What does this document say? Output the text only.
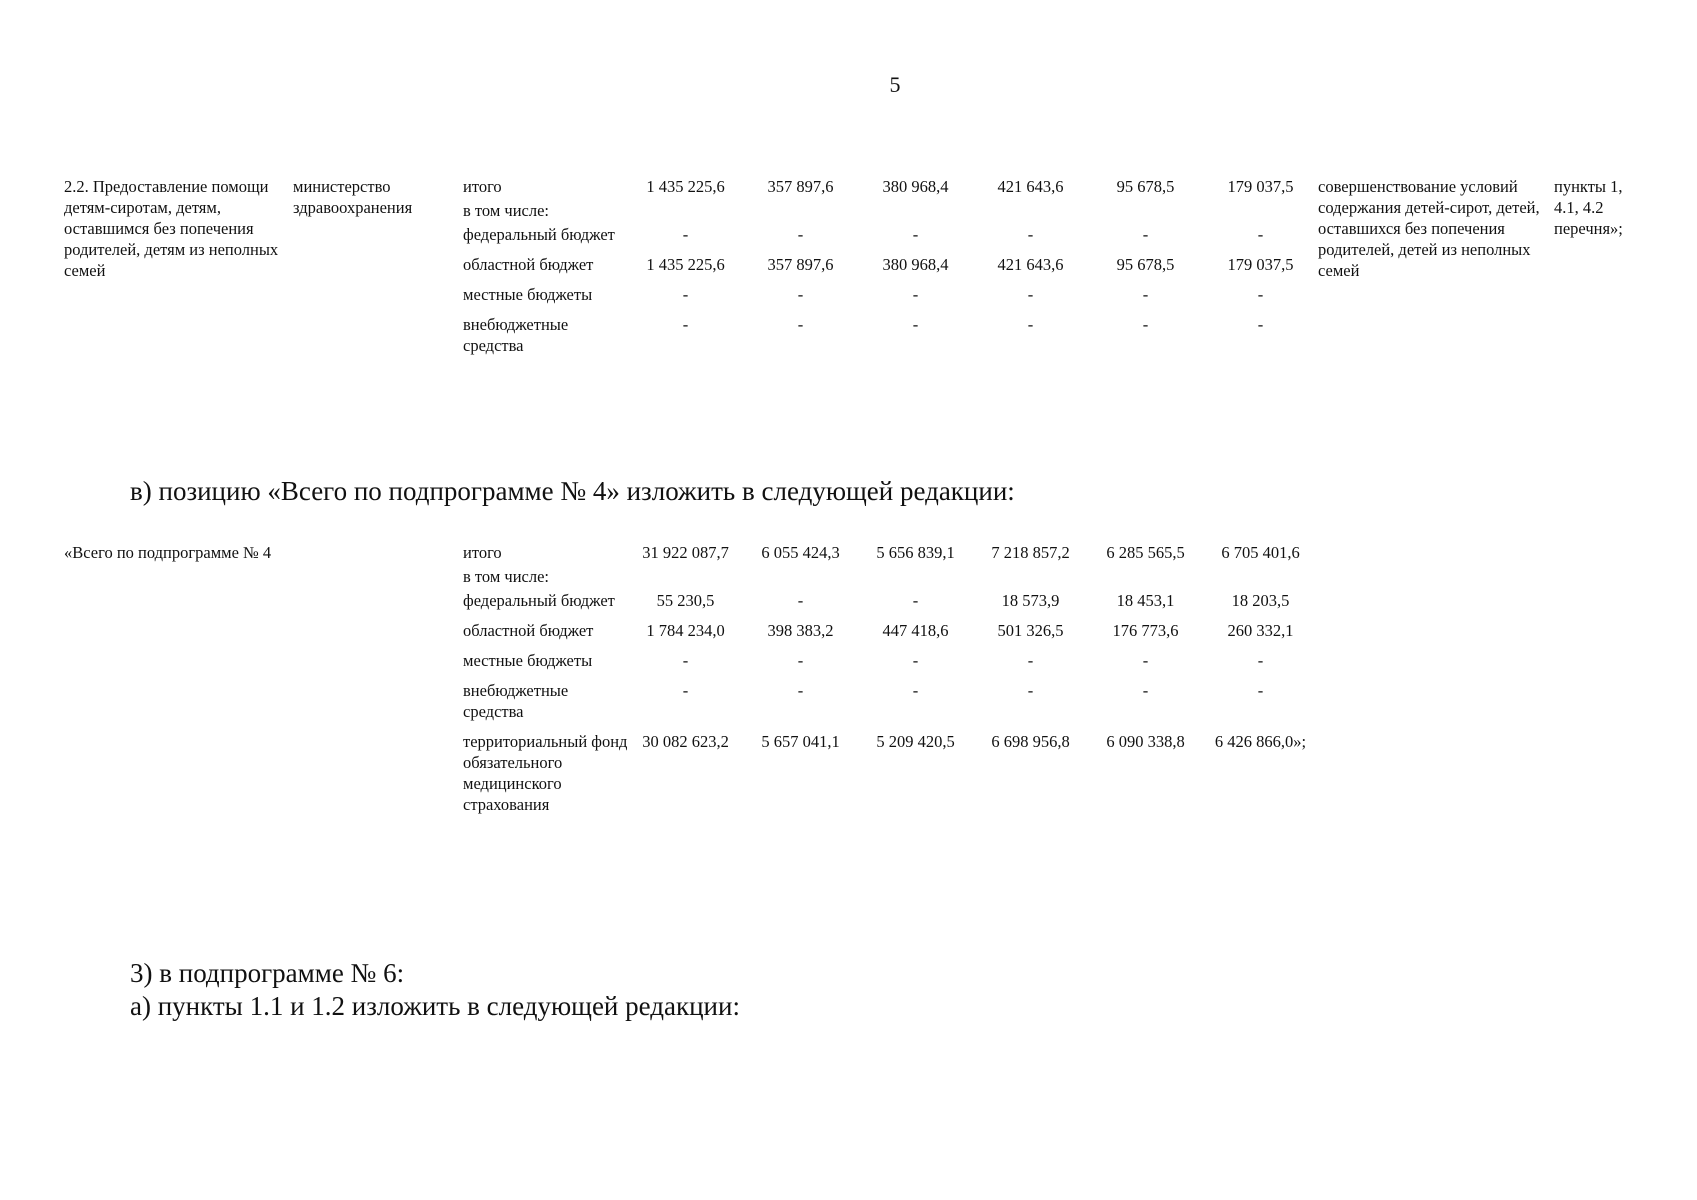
5
2.2. Предоставление помощи детям-сиротам, детям, оставшимся без попечения родителей, детям из неполных семей	министерство здравоохранения	итого	1 435 225,6	357 897,6	380 968,4	421 643,6	95 678,5	179 037,5	совершенствование условий содержания детей-сирот, детей, оставшихся без попечения родителей, детей из неполных семей	пункты 1, 4.1, 4.2 перечня»;
		в том числе:								
		федеральный бюджет	-	-	-	-	-	-		
		областной бюджет	1 435 225,6	357 897,6	380 968,4	421 643,6	95 678,5	179 037,5		
		местные бюджеты	-	-	-	-	-	-		
		внебюджетные средства	-	-	-	-	-	-		
в) позицию «Всего по подпрограмме № 4» изложить в следующей редакции:
«Всего по подпрограмме № 4	итого	31 922 087,7	6 055 424,3	5 656 839,1	7 218 857,2	6 285 565,5	6 705 401,6
	в том числе:						
	федеральный бюджет	55 230,5	-	-	18 573,9	18 453,1	18 203,5
	областной бюджет	1 784 234,0	398 383,2	447 418,6	501 326,5	176 773,6	260 332,1
	местные бюджеты	-	-	-	-	-	-
	внебюджетные средства	-	-	-	-	-	-
	территориальный фонд обязательного медицинского страхования	30 082 623,2	5 657 041,1	5 209 420,5	6 698 956,8	6 090 338,8	6 426 866,0»;
3) в подпрограмме № 6:
а) пункты 1.1 и 1.2 изложить в следующей редакции:
